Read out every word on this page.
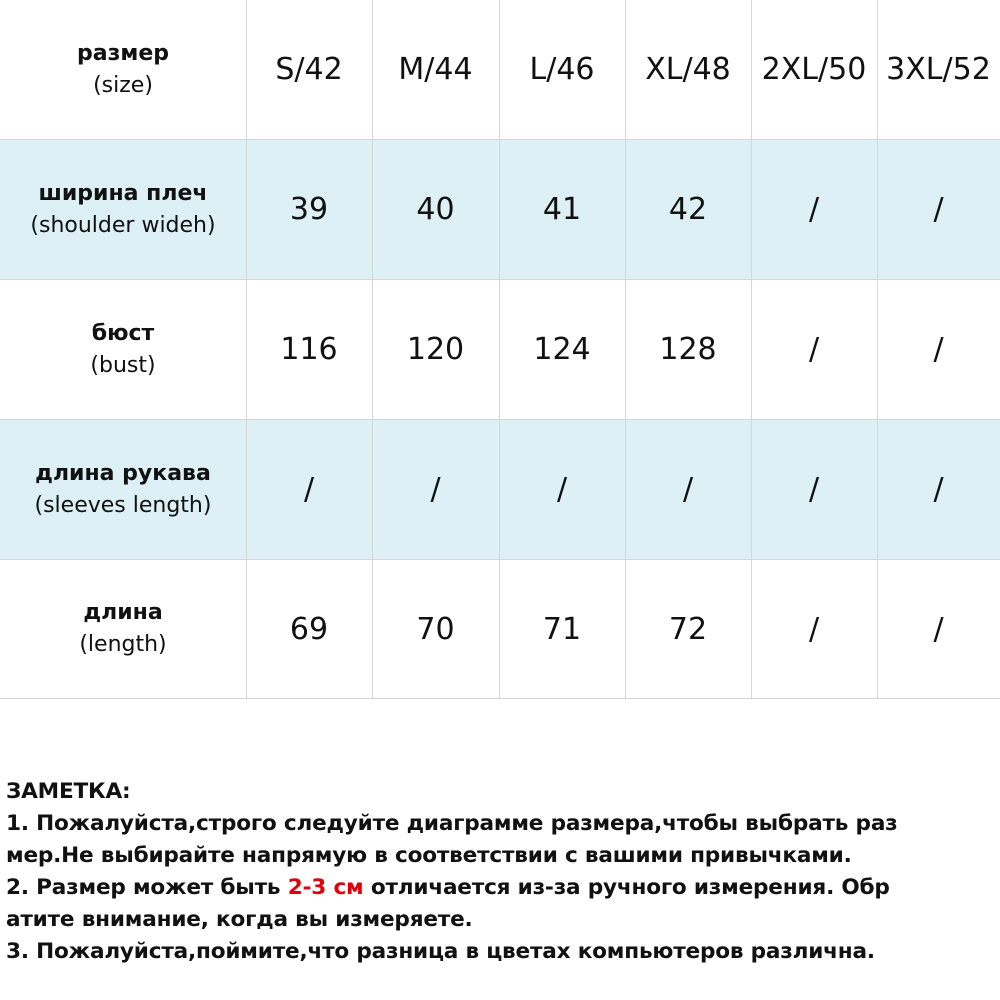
размер
(size)	S/42	M/44	L/46	XL/48	2XL/50 3XL/52
ширина плеч
(shoulder wideh)	39	40	41	42	/	/
бюст
(bust)	116	120	124	128	/	/
длина рукава
(sleeves length)	/	/	/	/	/	/
длина
(length)	69	70	71	72	/	/
ЗАМЕТКА:
1. Пожалуйста,строго следуйте диаграмме размера,чтобы выбрать раз
мер.Не выбирайте напрямую в соответствии с вашими привычками.
2. Размер может быть 2-3 см отличается из-за ручного измерения. Обр
атите внимание, когда вы измеряете.
3. Пожалуйста,поймите,что разница в цветах компьютеров различна.
